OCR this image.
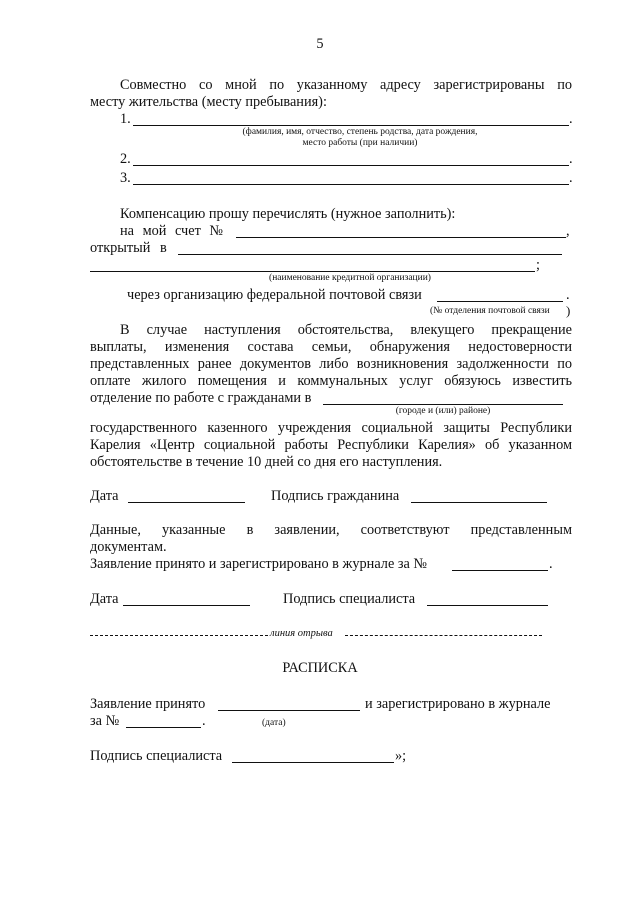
5
Совместно со мной по указанному адресу зарегистрированы по
месту жительства (месту пребывания):
1.	.
(фамилия, имя, отчество, степень родства, дата рождения,
место работы (при наличии)
2.	.
3.	.
Компенсацию прошу перечислять (нужное заполнить):
на мой счет №	,
открытый в
;
(наименование кредитной организации)
через организацию федеральной почтовой связи	.
(№ отделения почтовой связи )
В случае наступления обстоятельства, влекущего прекращение
выплаты, изменения состава семьи, обнаружения недостоверности
представленных ранее документов либо возникновения задолженности по
оплате жилого помещения и коммунальных услуг обязуюсь известить
отделение по работе с гражданами в
(городе и (или) районе)
государственного казенного учреждения социальной защиты Республики
Карелия «Центр социальной работы Республики Карелия» об указанном
обстоятельстве в течение 10 дней со дня его наступления.
Дата	Подпись гражданина
Данные, указанные в заявлении, соответствуют представленным
документам.
Заявление принято и зарегистрировано в журнале за №	.
Дата	Подпись специалиста
линия отрыва
РАСПИСКА
Заявление принято	и зарегистрировано в журнале
за №	.	(дата)
Подпись специалиста	»;
